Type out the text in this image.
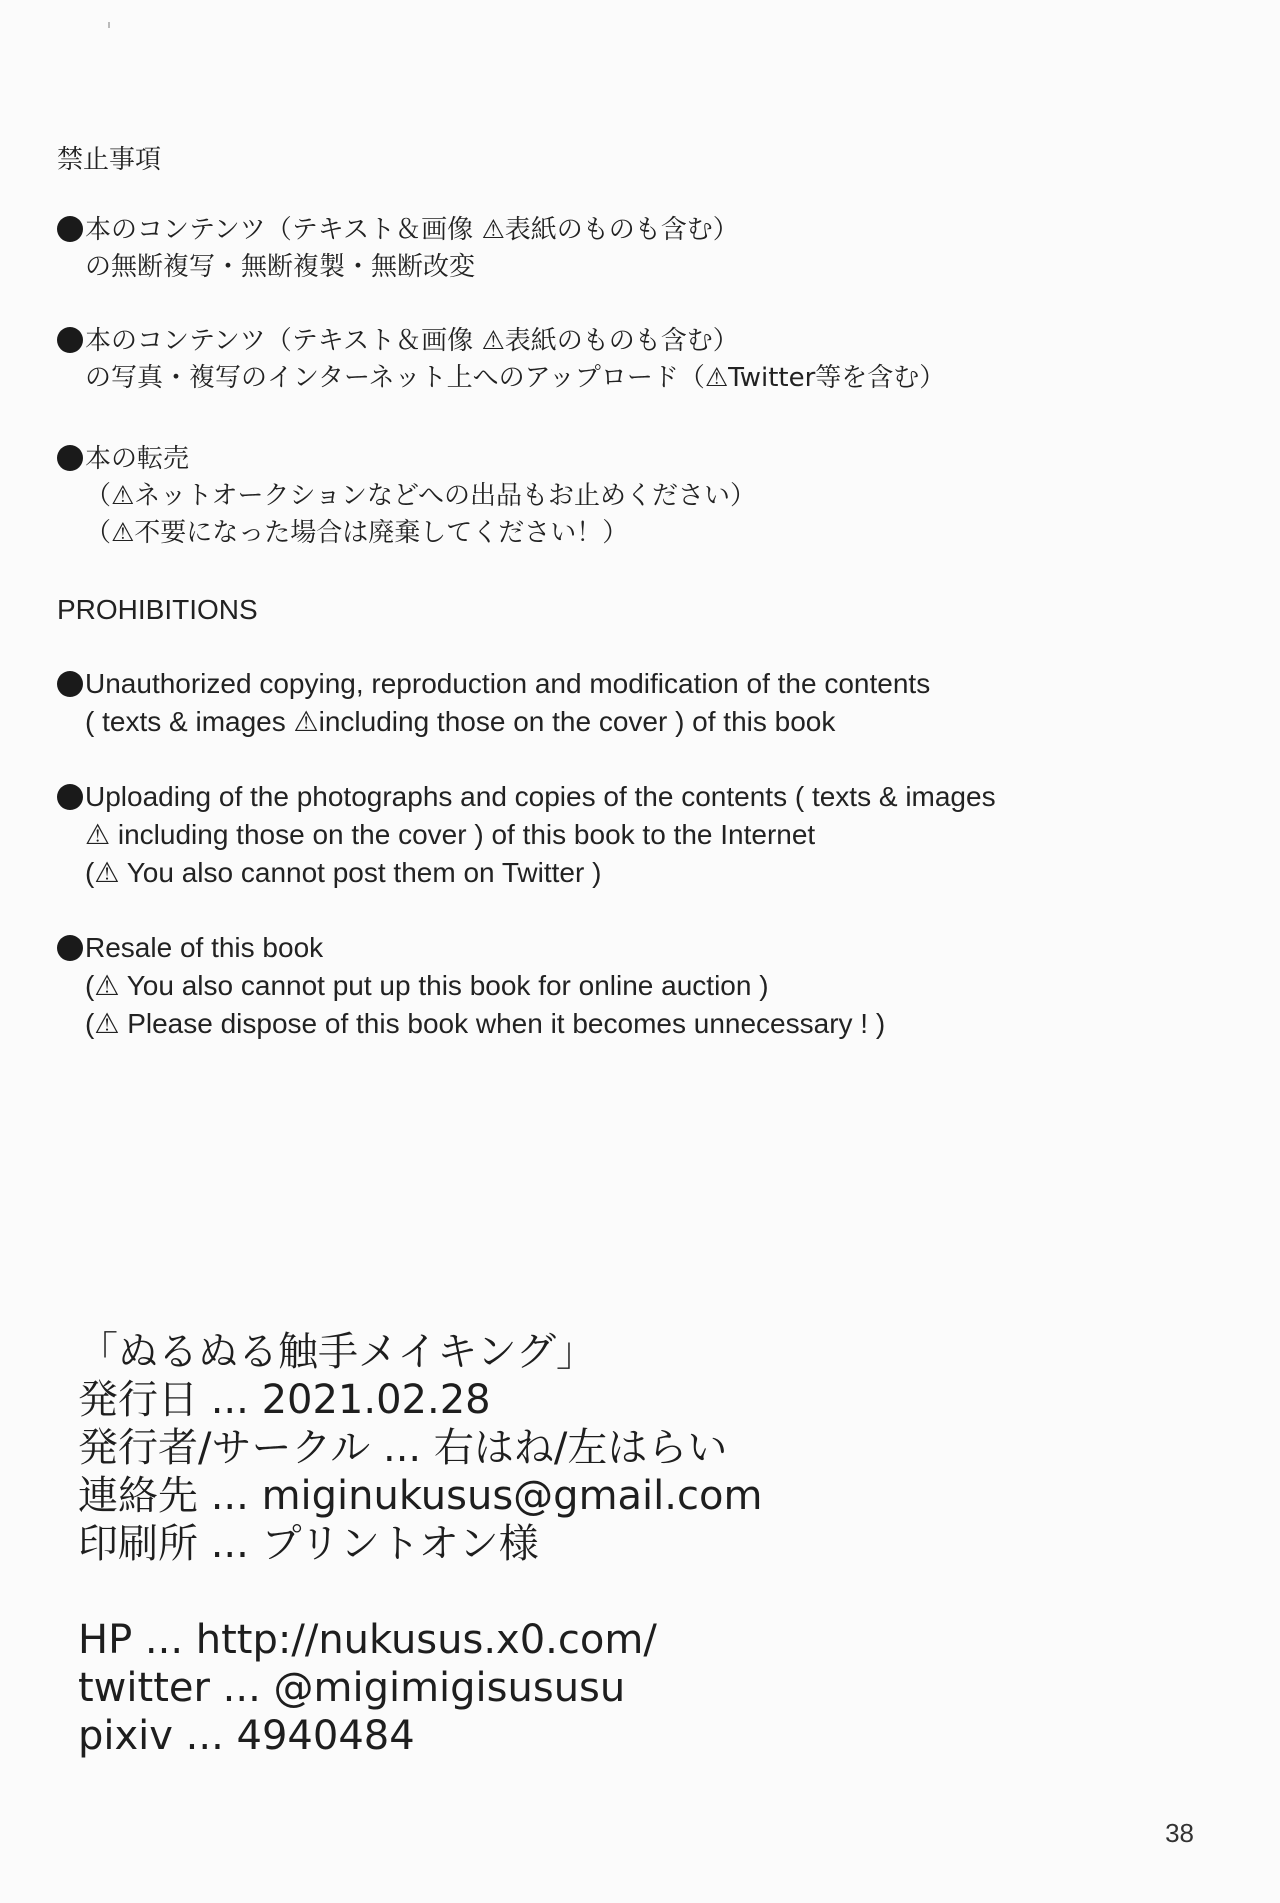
禁止事項
本のコンテンツ（テキスト＆画像 ⚠表紙のものも含む）
の無断複写・無断複製・無断改変
本のコンテンツ（テキスト＆画像 ⚠表紙のものも含む）
の写真・複写のインターネット上へのアップロード（⚠Twitter等を含む）
本の転売
（⚠ネットオークションなどへの出品もお止めください）
（⚠不要になった場合は廃棄してください！）
PROHIBITIONS
Unauthorized copying, reproduction and modification of the contents
( texts & images ⚠including those on the cover ) of this book
Uploading of the photographs and copies of the contents ( texts & images
⚠ including those on the cover ) of this book to the Internet
(⚠ You also cannot post them on Twitter )
Resale of this book
(⚠ You also cannot put up this book for online auction )
(⚠ Please dispose of this book when it becomes unnecessary ! )
「ぬるぬる触手メイキング」
発行日 ... 2021.02.28
発行者/サークル ... 右はね/左はらい
連絡先 ... miginukusus@gmail.com
印刷所 ... プリントオン様
HP ... http://nukusus.x0.com/
twitter ... @migimigisususu
pixiv ... 4940484
38
